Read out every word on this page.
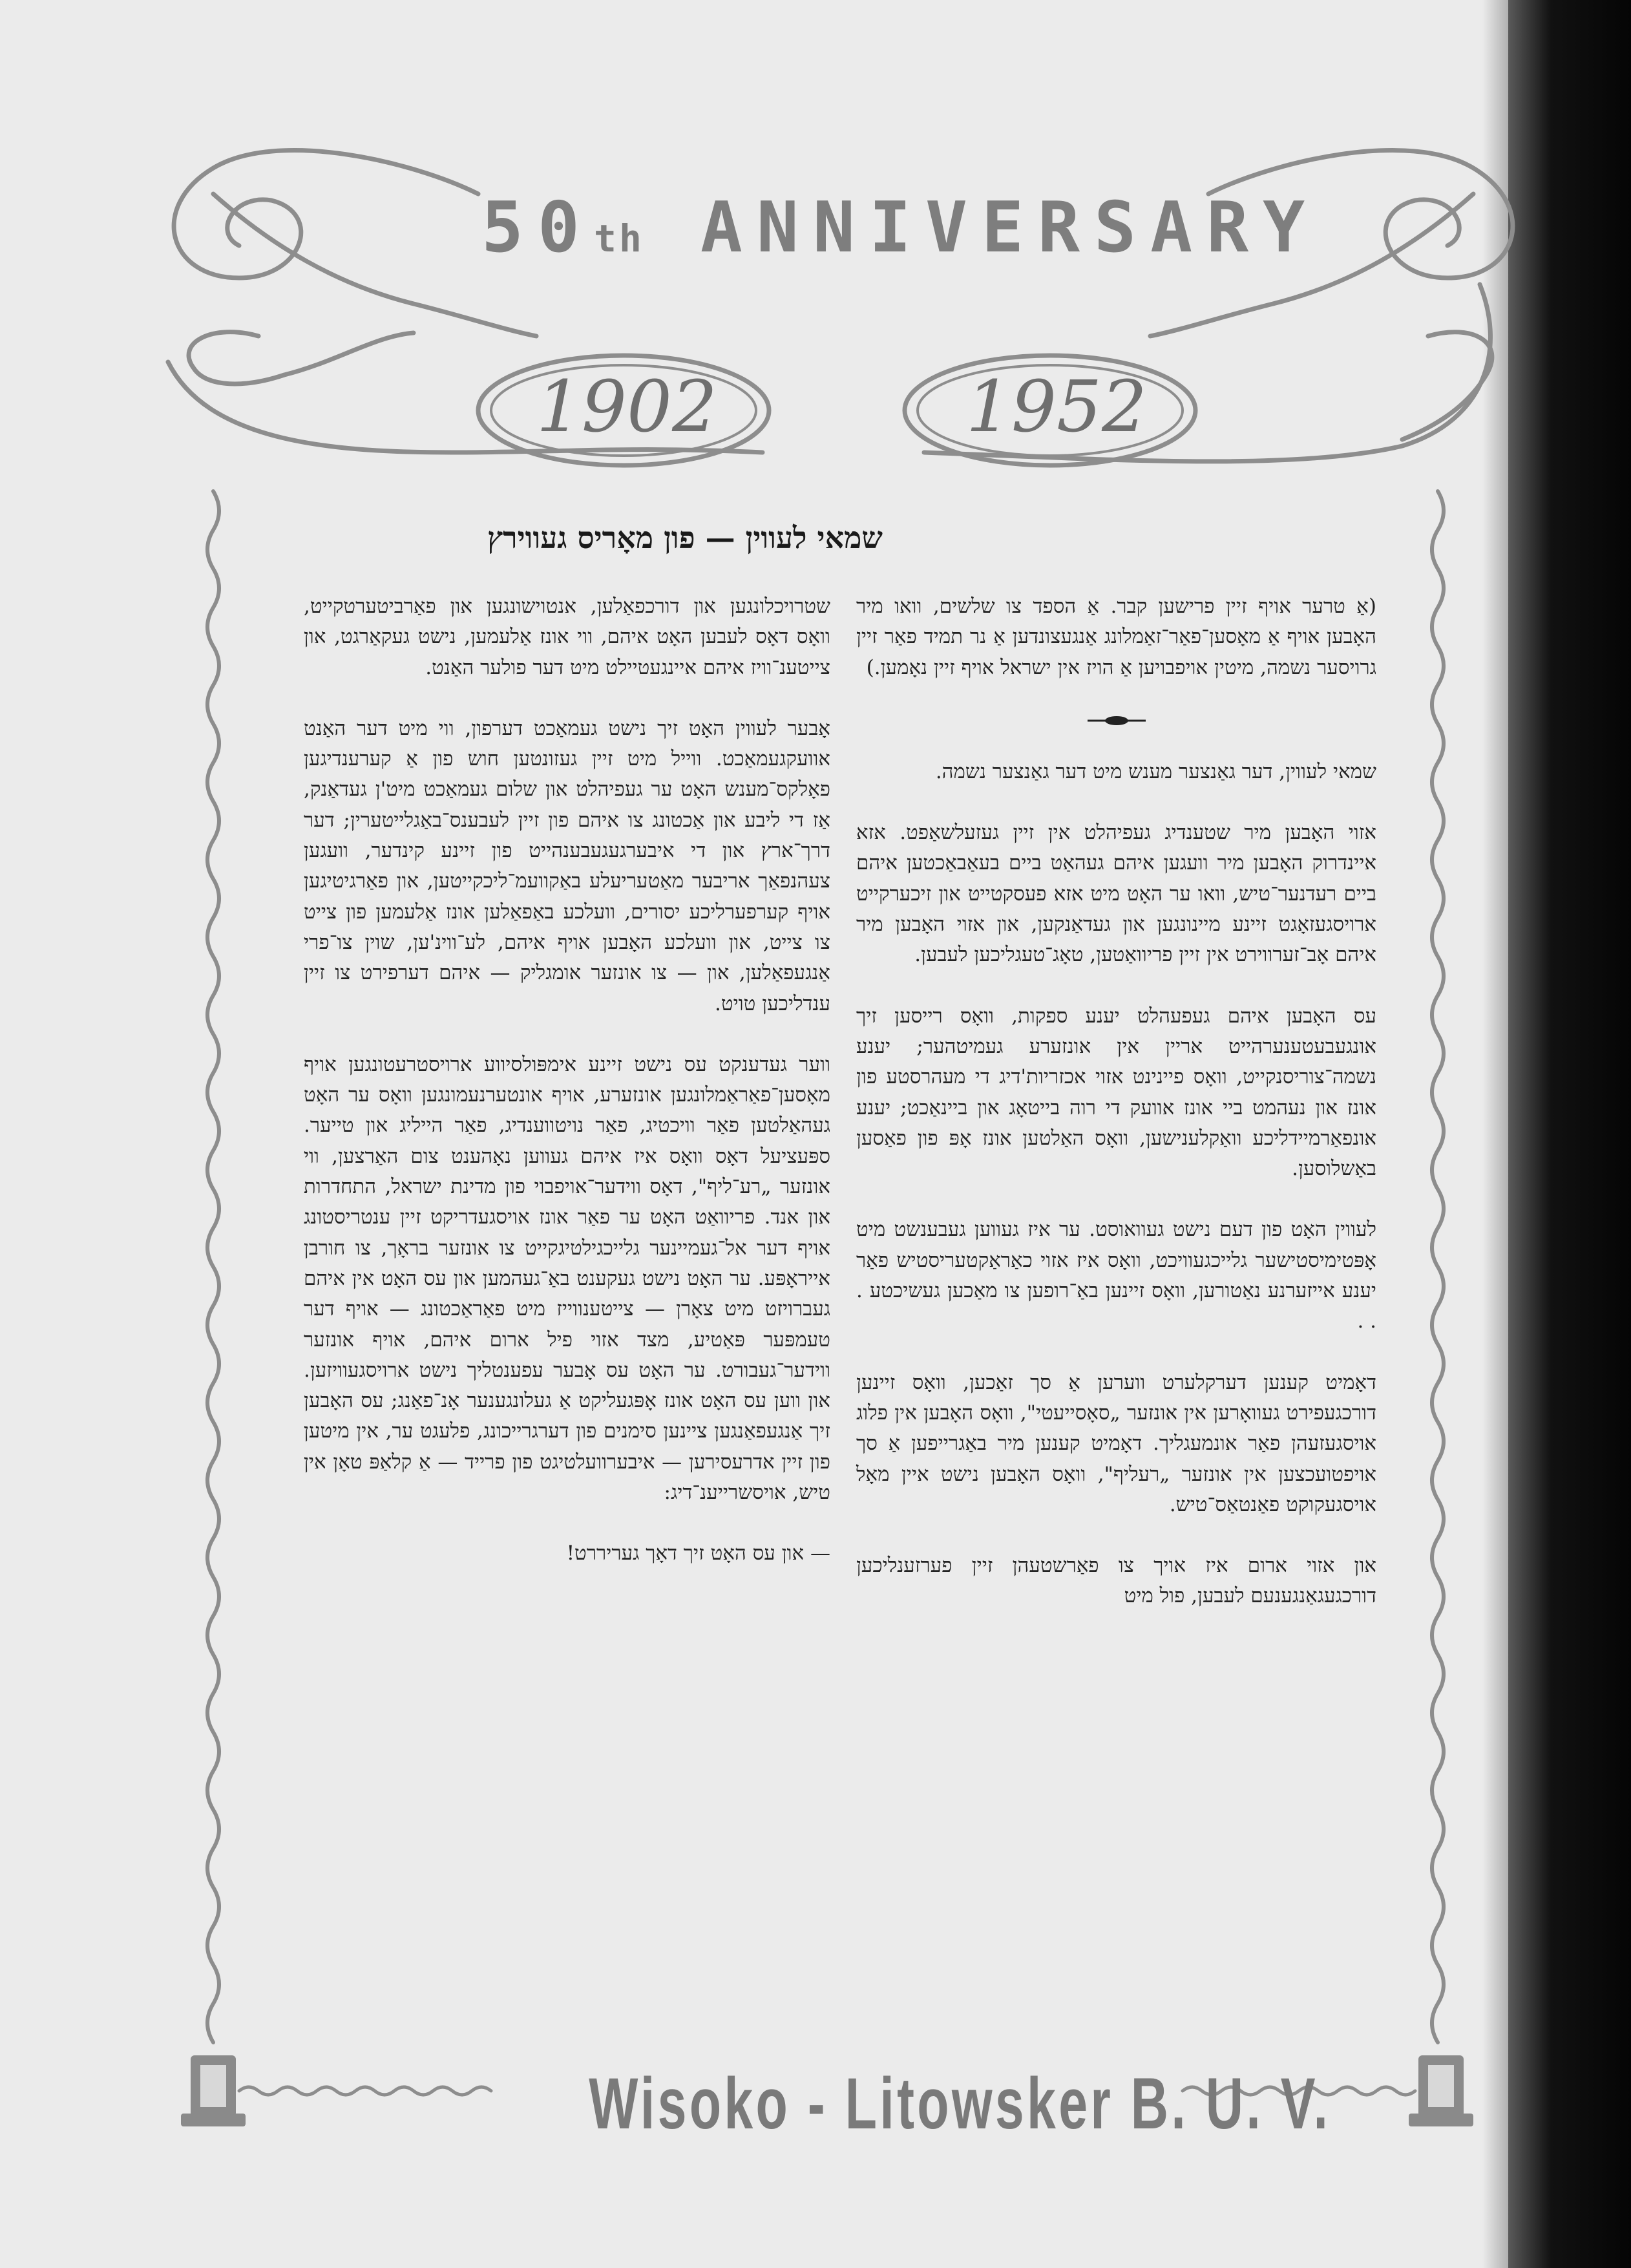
50th ANNIVERSARY
1902	1952
שמאי לעווין — פון מאָריס געווירץ

(אַ טרער אויף זיין פרישען קבר. אַ הספד צו שלשים, וואו מיר האָבען אויף אַ מאָסען־פאַר־זאַמלונג אַנגעצונדען אַ נר תמיד פאַר זיין גרויסער נשמה, מיטין אויפבויען אַ הויז אין ישראל אויף זיין נאָמען.)

שמאי לעווין, דער גאַנצער מענש מיט דער גאַנצער נשמה.

אזוי האָבען מיר שטענדיג געפיהלט אין זיין געזעלשאַפט. אזא איינדרוק האָבען מיר וועגען איהם געהאַט ביים בעאַבאַכטען איהם ביים רעדנער־טיש, וואו ער האָט מיט אזא פעסקטייט און זיכערקייט ארויסגעזאָגט זיינע מיינונגען און געדאַנקען, און אזוי האָבען מיר איהם אָב־זערווירט אין זיין פריוואַטען, טאָג־טעגליכען לעבען.

עס האָבען איהם געפעהלט יענע ספקות, וואָס רייסען זיך אונגעבעטענערהייט אריין אין אונזערע געמיטהער; יענע נשמה־צוריסנקייט, וואָס פיינינט אזוי אכזריות'דיג די מעהרסטע פון אונז און נעהמט ביי אונז אוועק די רוה בייטאָג און ביינאַכט; יענע אונפאַרמיידליכע וואַקלענישען, וואָס האַלטען אונז אָפּ פון פאַסען באַשלוסען.

לעווין האָט פון דעם נישט געוואוסט. ער איז געווען געבענשט מיט אָפּטימיסטישער גלייכגעוויכט, וואָס איז אזוי כאַראַקטעריסטיש פאַר יענע אייזערנע נאַטורען, וואָס זיינען באַ־רופען צו מאַכען געשיכטע . . .

דאָמיט קענען דערקלערט ווערען אַ סך זאַכען, וואָס זיינען דורכגעפירט געוואָרען אין אונזער „סאָסייעטי", וואָס האָבען אין פלוג אויסגעזעהן פאַר אונמעגליך. דאָמיט קענען מיר באַגרייפען אַ סך אויפטועכצען אין אונזער „רעליף", וואָס האָבען נישט איין מאָל אויסגעקוקט פאַנטאַס־טיש.

און אזוי ארום איז אויך צו פאַרשטעהן זיין פערזענליכען דורכגעגאַנגענעם לעבען, פול מיט

שטרויכלונגען און דורכפאַלען, אנטוישונגען און פאַרביטערטקייט, וואָס דאָס לעבען האָט איהם, ווי אונז אַלעמען, נישט געקאַרגט, און צייטענ־וויז איהם איינגעטיילט מיט דער פולער האַנט.

אָבער לעווין האָט זיך נישט געמאַכט דערפון, ווי מיט דער האַנט אוועקגעמאַכט. ווייל מיט זיין געזונטען חוש פון אַ קערענדיגען פאָלקס־מענש האָט ער געפיהלט און שלום געמאַכט מיט'ן געדאַנק, אַז די ליבע און אַכטונג צו איהם פון זיין לעבענס־באַגלייטערין; דער דרך־ארץ און די איבערגעגעבענהייט פון זיינע קינדער, וועגען צעהנפאַך אריבער מאַטעריעלע באַקוועמ־ליכקייטען, און פאַרגיטיגען אויף קערפערליכע יסורים, וועלכע באַפאַלען אונז אַלעמען פון צייט צו צייט, און וועלכע האָבען אויף איהם, לע־ווינ'ען, שוין צו־פרי אַנגעפאַלען, און — צו אונזער אומגליק — איהם דערפירט צו זיין ענדליכען טויט.

ווער געדענקט עס נישט זיינע אימפּולסיווע ארויסטרעטונגען אויף מאָסען־פאַראַמלונגען אונזערע, אויף אונטערנעמונגען וואָס ער האָט געהאַלטען פאַר וויכטיג, פאַר נויטווענדיג, פאַר הייליג און טייער. ספּעציעל דאָס וואָס איז איהם געווען נאָהענט צום האַרצען, ווי אונזער „רע־ליף", דאָס ווידער־אויפבוי פון מדינת ישראל, התחדרות און אנד. פריוואַט האָט ער פאַר אונז אויסגעדריקט זיין ענטריסטונג אויף דער אל־געמיינער גלייכגילטיגקייט צו אונזער בראָך, צו חורבן אייראָפּע. ער האָט נישט געקענט באַ־געהמען און עס האָט אין איהם געברויזט מיט צאָרן — צייטענווייז מיט פאַראַכטונג — אויף דער טעמפּער פּאַטיע, מצד אזוי פיל ארום איהם, אויף אונזער ווידער־געבורט. ער האָט עס אָבער עפענטליך נישט ארויסגעוויזען. און ווען עס האָט אונז אָפּגעליקט אַ געלונגענער אָנ־פאַנג; עס האָבען זיך אַנגעפאַנגען ציינען סימנים פון דערגרייכונג, פלעגט ער, אין מיטען פון זיין אדרעסירען — איבערוועלטיגט פון פרייד — אַ קלאַפּ טאָן אין טיש, אויסשרייענ־דיג:

— און עס האָט זיך דאָך געריררט!

Wisoko - Litowsker B. U. V.
